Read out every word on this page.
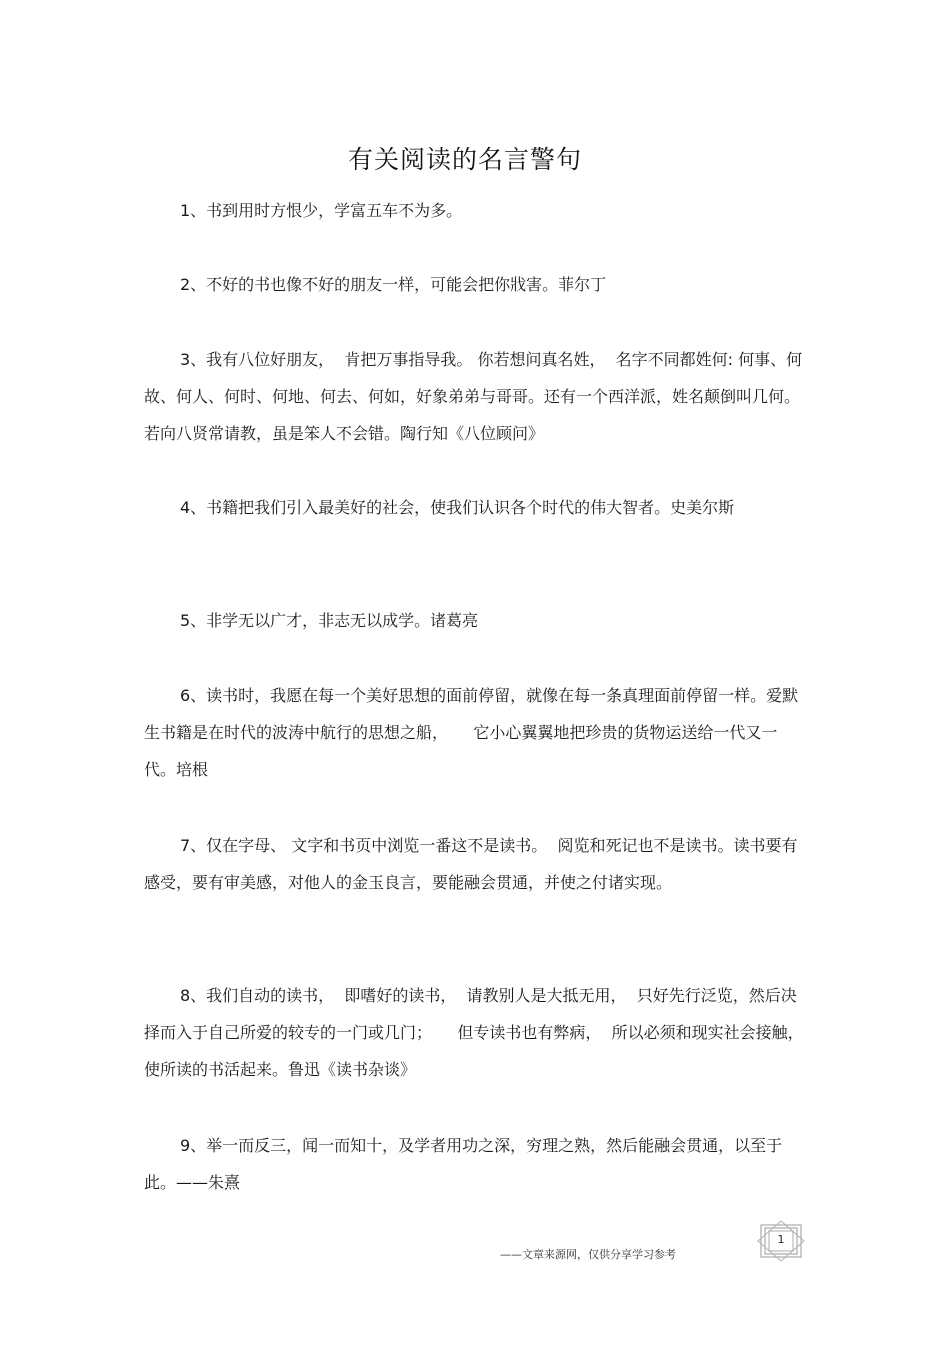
有关阅读的名言警句
1、书到用时方恨少，学富五车不为多。
2、不好的书也像不好的朋友一样，可能会把你戕害。菲尔丁
3、我有八位好朋友，  肯把万事指导我。 你若想问真名姓，  名字不同都姓何: 何事、何故、何人、何时、何地、何去、何如，好象弟弟与哥哥。还有一个西洋派，姓名颠倒叫几何。若向八贤常请教，虽是笨人不会错。陶行知《八位顾问》
4、书籍把我们引入最美好的社会，使我们认识各个时代的伟大智者。史美尔斯
5、非学无以广才，非志无以成学。诸葛亮
6、读书时，我愿在每一个美好思想的面前停留，就像在每一条真理面前停留一样。爱默生书籍是在时代的波涛中航行的思想之船，     它小心翼翼地把珍贵的货物运送给一代又一代。培根
7、仅在字母、 文字和书页中浏览一番这不是读书。  阅览和死记也不是读书。读书要有感受，要有审美感，对他人的金玉良言，要能融会贯通，并使之付诸实现。
8、我们自动的读书，  即嗜好的读书，  请教别人是大抵无用，  只好先行泛览，然后决择而入于自己所爱的较专的一门或几门；     但专读书也有弊病，  所以必须和现实社会接触，使所读的书活起来。鲁迅《读书杂谈》
9、举一而反三，闻一而知十，及学者用功之深，穷理之熟，然后能融会贯通，以至于此。——朱熹
——文章来源网，仅供分享学习参考
1
